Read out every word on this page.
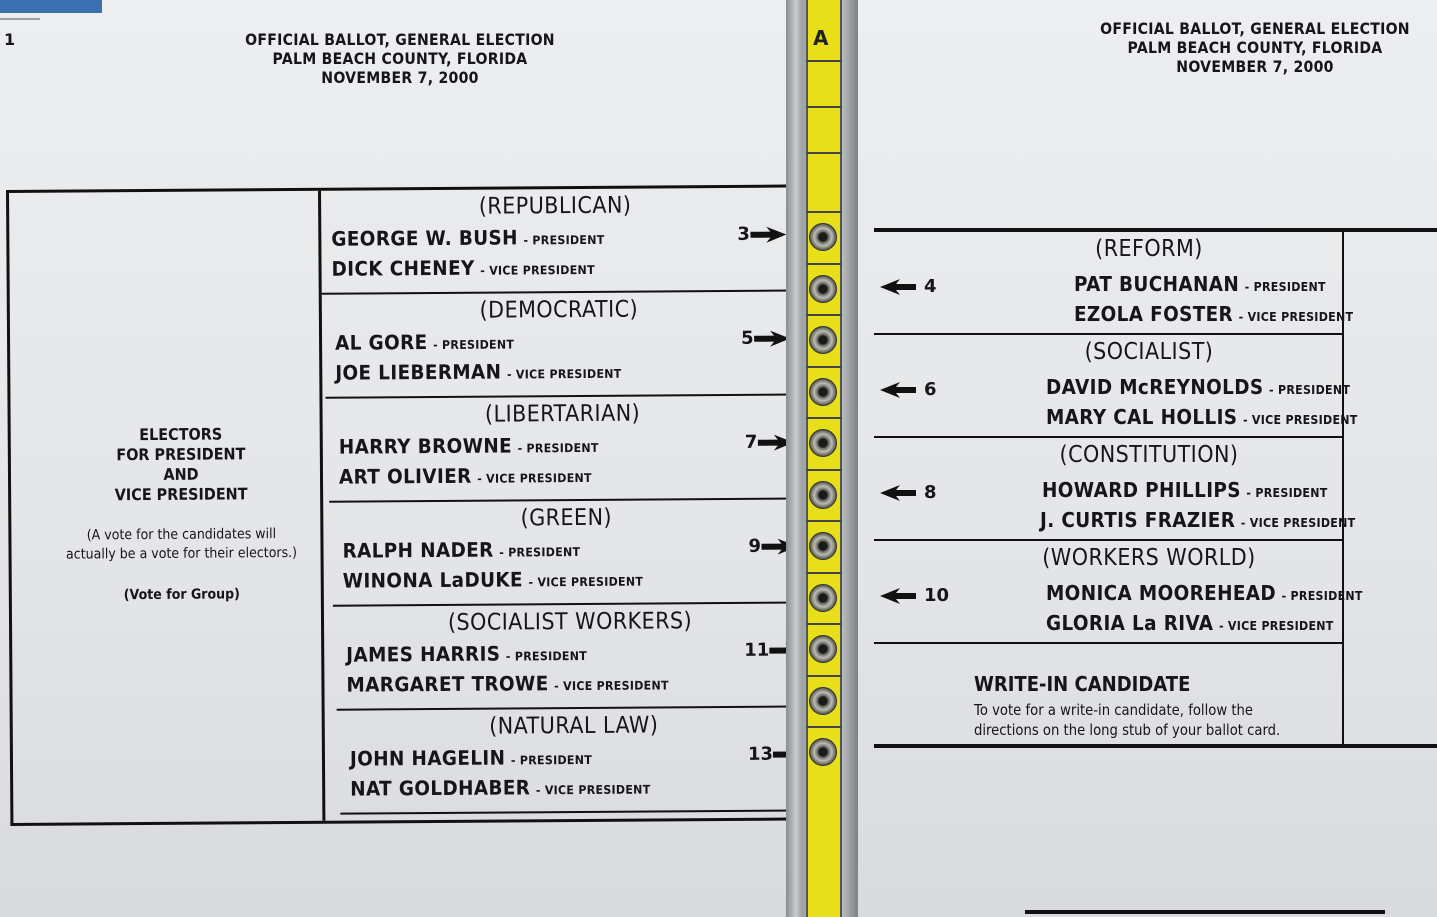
1	OFFICIAL BALLOT, GENERAL ELECTION
PALM BEACH COUNTY, FLORIDA
NOVEMBER 7, 2000
ELECTORS
FOR PRESIDENT
AND
VICE PRESIDENT
(A vote for the candidates will
actually be a vote for their electors.)
(Vote for Group)
(REPUBLICAN)
GEORGE W. BUSH - PRESIDENT
DICK CHENEY - VICE PRESIDENT
3
(DEMOCRATIC)
AL GORE - PRESIDENT
JOE LIEBERMAN - VICE PRESIDENT
5
(LIBERTARIAN)
HARRY BROWNE - PRESIDENT
ART OLIVIER - VICE PRESIDENT
7
(GREEN)
RALPH NADER - PRESIDENT
WINONA LaDUKE - VICE PRESIDENT
9
(SOCIALIST WORKERS)
JAMES HARRIS - PRESIDENT
MARGARET TROWE - VICE PRESIDENT
11
(NATURAL LAW)
JOHN HAGELIN - PRESIDENT
NAT GOLDHABER - VICE PRESIDENT
13
OFFICIAL BALLOT, GENERAL ELECTION
PALM BEACH COUNTY, FLORIDA
NOVEMBER 7, 2000
(REFORM)
PAT BUCHANAN - PRESIDENT
EZOLA FOSTER - VICE PRESIDENT
4
(SOCIALIST)
DAVID McREYNOLDS - PRESIDENT
MARY CAL HOLLIS - VICE PRESIDENT
6
(CONSTITUTION)
HOWARD PHILLIPS - PRESIDENT
J. CURTIS FRAZIER - VICE PRESIDENT
8
(WORKERS WORLD)
MONICA MOOREHEAD - PRESIDENT
GLORIA La RIVA - VICE PRESIDENT
10
WRITE-IN CANDIDATE
To vote for a write-in candidate, follow the directions on the long stub of your ballot card.
A
